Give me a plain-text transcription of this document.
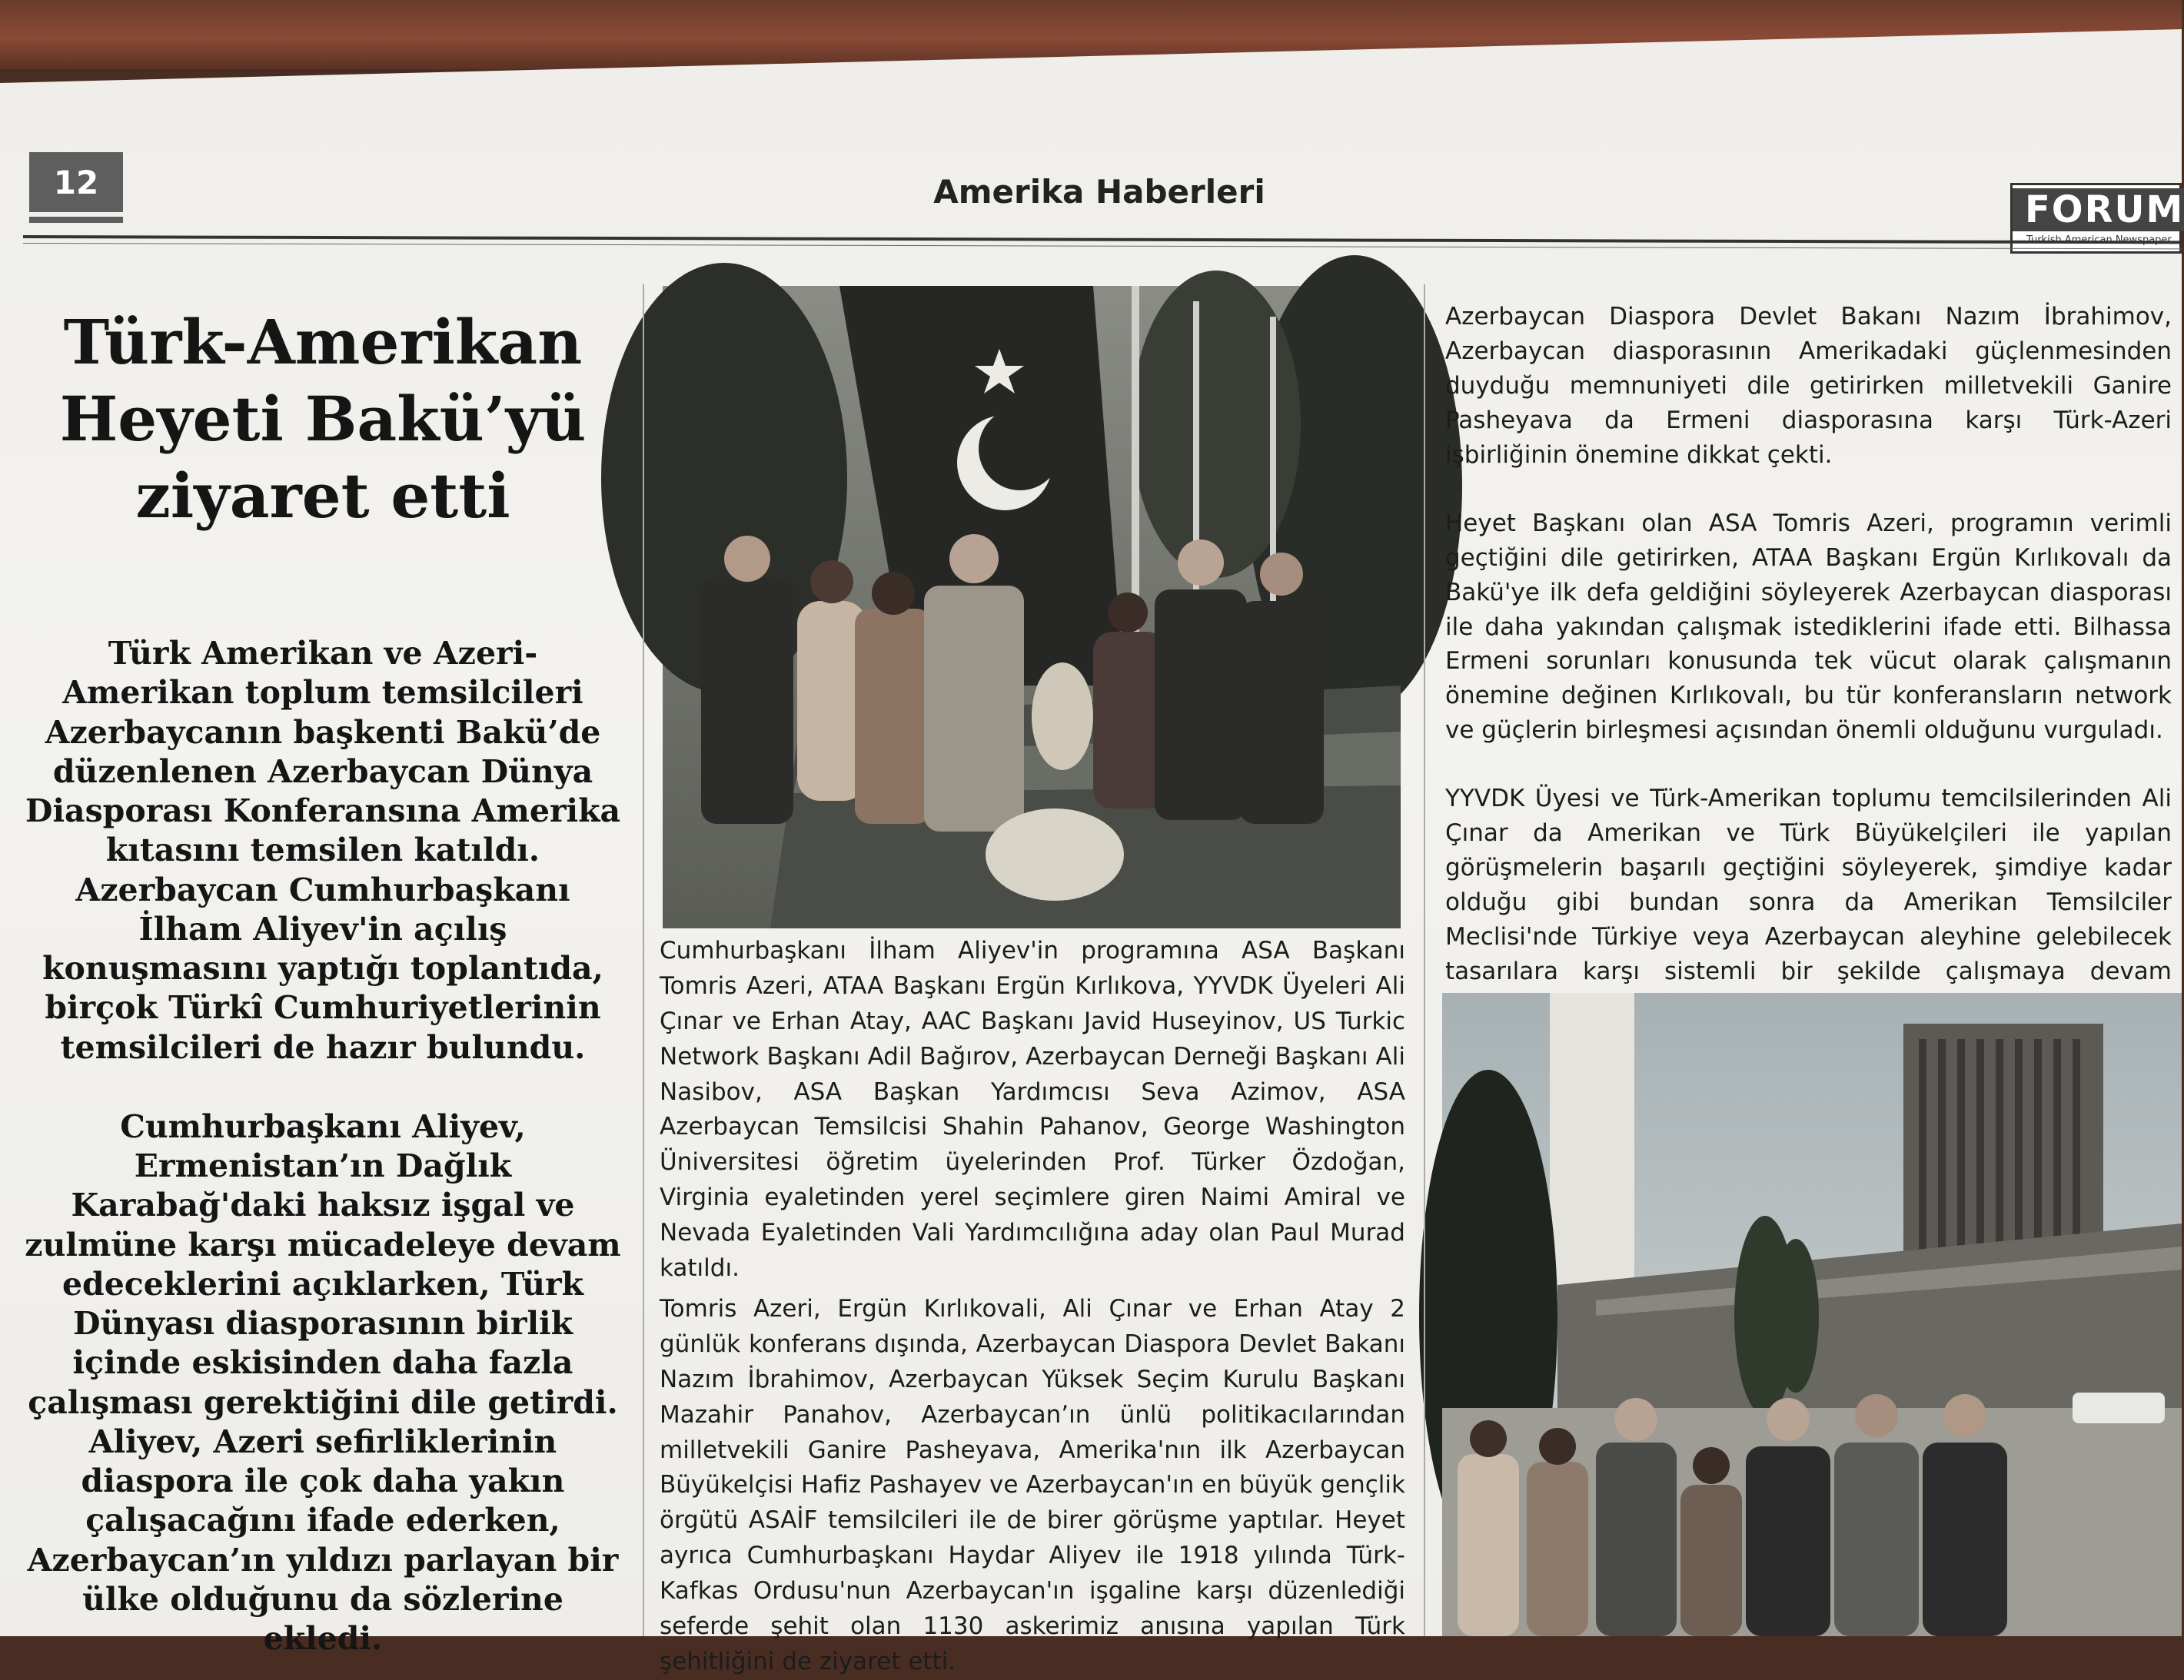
12	Amerika Haberleri	FORUM
Türk-Amerikan
Heyeti Bakü’yü
ziyaret etti

Türk Amerikan ve Azeri-Amerikan toplum temsilcileri Azerbaycanın başkenti Bakü’de düzenlenen Azerbaycan Dünya Diasporası Konferansına Amerika kıtasını temsilen katıldı. Azerbaycan Cumhurbaşkanı İlham Aliyev'in açılış konuşmasını yaptığı toplantıda, birçok Türkî Cumhuriyetlerinin temsilcileri de hazır bulundu.

Cumhurbaşkanı Aliyev, Ermenistan’ın Dağlık Karabağ'daki haksız işgal ve zulmüne karşı mücadeleye devam edeceklerini açıklarken, Türk Dünyası diasporasının birlik içinde eskisinden daha fazla çalışması gerektiğini dile getirdi. Aliyev, Azeri sefirliklerinin diaspora ile çok daha yakın çalışacağını ifade ederken, Azerbaycan’ın yıldızı parlayan bir ülke olduğunu da sözlerine ekledi.

Cumhurbaşkanı İlham Aliyev'in programına ASA Başkanı Tomris Azeri, ATAA Başkanı Ergün Kırlıkova, YYVDK Üyeleri Ali Çınar ve Erhan Atay, AAC Başkanı Javid Huseyinov, US Turkic Network Başkanı Adil Bağırov, Azerbaycan Derneği Başkanı Ali Nasibov, ASA Başkan Yardımcısı Seva Azimov, ASA Azerbaycan Temsilcisi Shahin Pahanov, George Washington Üniversitesi öğretim üyelerinden Prof. Türker Özdoğan, Virginia eyaletinden yerel seçimlere giren Naimi Amiral ve Nevada Eyaletinden Vali Yardımcılığına aday olan Paul Murad katıldı.
Tomris Azeri, Ergün Kırlıkovali, Ali Çınar ve Erhan Atay 2 günlük konferans dışında, Azerbaycan Diaspora Devlet Bakanı Nazım İbrahimov, Azerbaycan Yüksek Seçim Kurulu Başkanı Mazahir Panahov, Azerbaycan’ın ünlü politikacılarından milletvekili Ganire Pasheyava, Amerika'nın ilk Azerbaycan Büyükelçisi Hafiz Pashayev ve Azerbaycan'ın en büyük gençlik örgütü ASAİF temsilcileri ile de birer görüşme yaptılar. Heyet ayrıca Cumhurbaşkanı Haydar Aliyev ile 1918 yılında Türk-Kafkas Ordusu'nun Azerbaycan'ın işgaline karşı düzenlediği seferde şehit olan 1130 askerimiz anısına yapılan Türk şehitliğini de ziyaret etti.

Azerbaycan Diaspora Devlet Bakanı Nazım İbrahimov, Azerbaycan diasporasının Amerikadaki güçlenmesinden duyduğu memnuniyeti dile getirirken milletvekili Ganire Pasheyava da Ermeni diasporasına karşı Türk-Azeri işbirliğinin önemine dikkat çekti.

Heyet Başkanı olan ASA Tomris Azeri, programın verimli geçtiğini dile getirirken, ATAA Başkanı Ergün Kırlıkovalı da Bakü'ye ilk defa geldiğini söyleyerek Azerbaycan diasporası ile daha yakından çalışmak istediklerini ifade etti. Bilhassa Ermeni sorunları konusunda tek vücut olarak çalışmanın önemine değinen Kırlıkovalı, bu tür konferansların network ve güçlerin birleşmesi açısından önemli olduğunu vurguladı.

YYVDK Üyesi ve Türk-Amerikan toplumu temcilsilerinden Ali Çınar da Amerikan ve Türk Büyükelçileri ile yapılan görüşmelerin başarılı geçtiğini söyleyerek, şimdiye kadar olduğu gibi bundan sonra da Amerikan Temsilciler Meclisi'nde Türkiye veya Azerbaycan aleyhine gelebilecek tasarılara karşı sistemli bir şekilde çalışmaya devam
